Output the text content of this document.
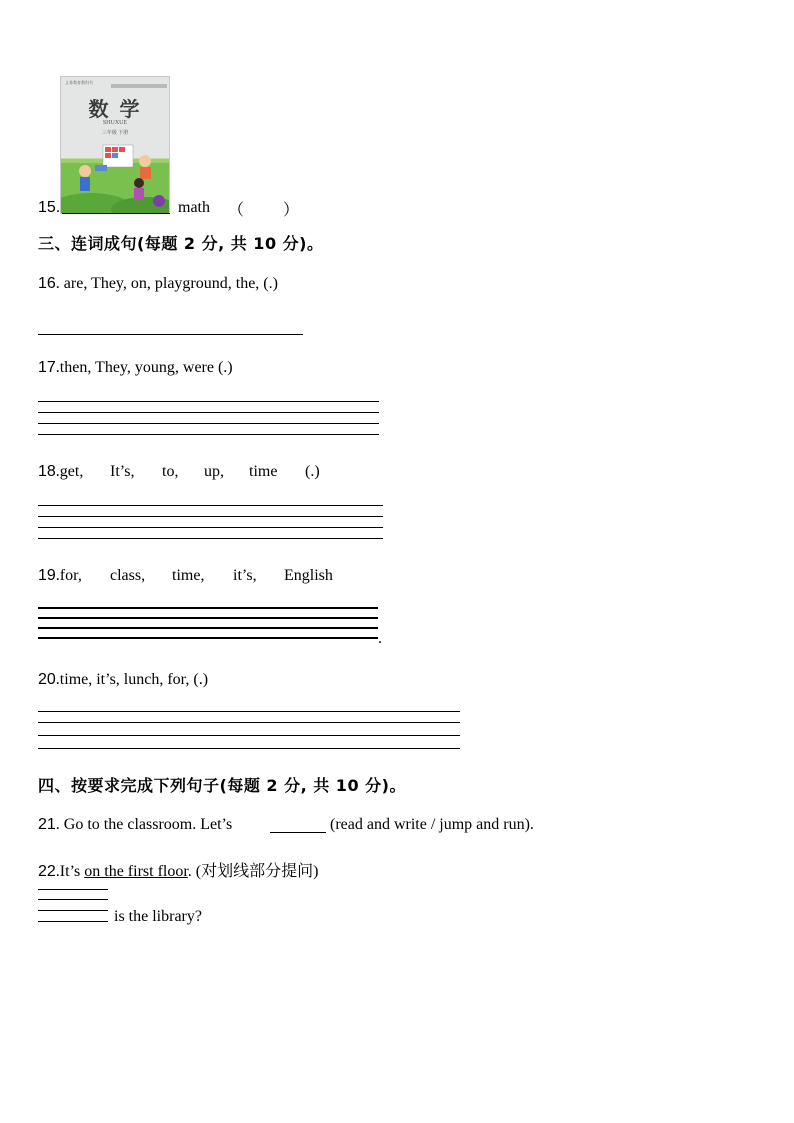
义务教育教科书
数 学
SHUXUE
三年级 下册
15.	math （ ）
三、连词成句(每题 2 分, 共 10 分)。
16. are, They, on, playground, the, (.)
17.then, They, young, were (.)
18.get, It’s, to, up, time (.)
19.for, class, time, it’s, English
.
20.time, it’s, lunch, for, (.)
四、按要求完成下列句子(每题 2 分, 共 10 分)。
21. Go to the classroom. Let’s	(read and write / jump and run).
22.It’s on the first floor. (对划线部分提问)
is the library?
